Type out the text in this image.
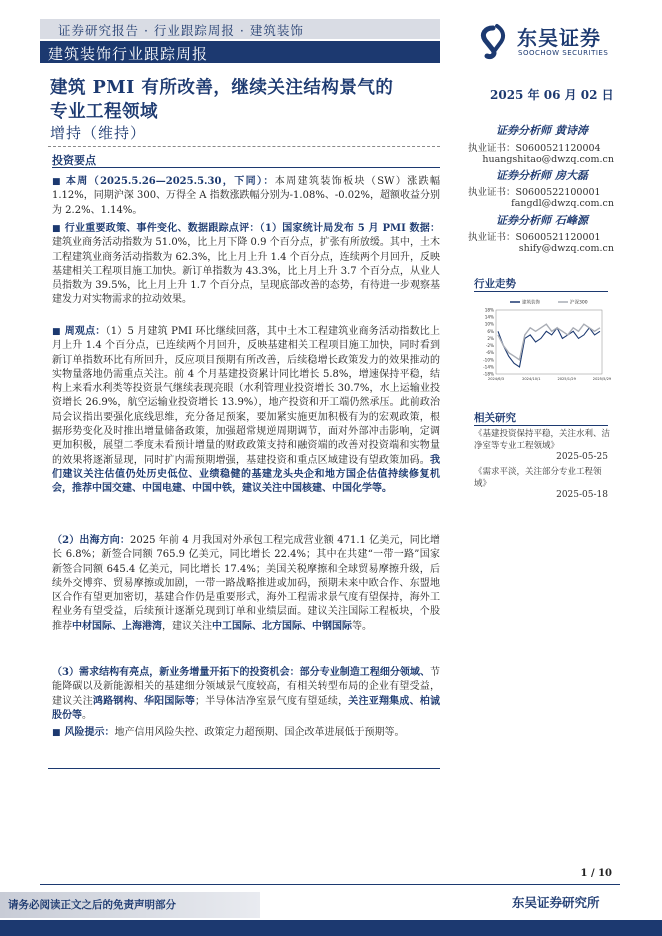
证券研究报告 · 行业跟踪周报 · 建筑装饰
建筑装饰行业跟踪周报
东吴证券
SOOCHOW SECURITIES
建筑 PMI 有所改善，继续关注结构景气的
专业工程领域
增持（维持）
2025 年 06 月 02 日
证券分析师 黄诗涛
执业证书：S0600521120004
huangshitao@dwzq.com.cn
证券分析师 房大磊
执业证书：S0600522100001
fangdl@dwzq.com.cn
证券分析师 石峰源
执业证书：S0600521120001
shify@dwzq.com.cn
投资要点

■ 本周（2025.5.26—2025.5.30，下同）：本周建筑装饰板块（SW）涨跌幅 1.12%，同期沪深 300、万得全 A 指数涨跌幅分别为-1.08%、-0.02%，超额收益分别为 2.2%、1.14%。

■ 行业重要政策、事件变化、数据跟踪点评：（1）国家统计局发布 5 月 PMI 数据：建筑业商务活动指数为 51.0%，比上月下降 0.9 个百分点，扩张有所放缓。其中，土木工程建筑业商务活动指数为 62.3%，比上月上升 1.4 个百分点，连续两个月回升，反映基建相关工程项目施工加快。新订单指数为 43.3%，比上月上升 3.7 个百分点，从业人员指数为 39.5%，比上月上升 1.7 个百分点，呈现底部改善的态势，有待进一步观察基建发力对实物需求的拉动效果。

■ 周观点：（1）5 月建筑 PMI 环比继续回落，其中土木工程建筑业商务活动指数比上月上升 1.4 个百分点，已连续两个月回升，反映基建相关工程项目施工加快，同时看到新订单指数环比有所回升，反应项目预期有所改善，后续稳增长政策发力的效果推动的实物量落地仍需重点关注。前 4 个月基建投资累计同比增长 5.8%，增速保持平稳，结构上来看水利类等投资景气继续表现亮眼（水利管理业投资增长 30.7%，水上运输业投资增长 26.9%，航空运输业投资增长 13.9%），地产投资和开工端仍然承压。此前政治局会议指出要强化底线思维，充分备足预案，要加紧实施更加积极有为的宏观政策，根据形势变化及时推出增量储备政策，加强超常规逆周期调节，面对外部冲击影响，定调更加积极，展望二季度未看预计增量的财政政策支持和融资端的改善对投资端和实物量的效果将逐渐显现，同时扩内需预期增强，基建投资和重点区域建设有望政策加码。我们建议关注估值仍处历史低位、业绩稳健的基建龙头央企和地方国企估值持续修复机会，推荐中国交建、中国电建、中国中铁，建议关注中国核建、中国化学等。

（2）出海方向：2025 年前 4 月我国对外承包工程完成营业额 471.1 亿美元，同比增长 6.8%；新签合同额 765.9 亿美元，同比增长 22.4%；其中在共建“一带一路”国家新签合同额 645.4 亿美元，同比增长 17.4%；美国关税摩擦和全球贸易摩擦升级，后续外交博弈、贸易摩擦或加剧，一带一路战略推进或加码，预期未来中欧合作、东盟地区合作有望更加密切，基建合作仍是重要形式，海外工程需求景气度有望保持，海外工程业务有望受益，后续预计逐渐兑现到订单和业绩层面。建议关注国际工程板块，个股推荐中材国际、上海港湾，建议关注中工国际、北方国际、中钢国际等。

（3）需求结构有亮点，新业务增量开拓下的投资机会：部分专业制造工程细分领域、节能降碳以及新能源相关的基建细分领域景气度较高，有相关转型布局的企业有望受益，建议关注鸿路钢构、华阳国际等；半导体洁净室景气度有望延续，关注亚翔集成、柏诚股份等。

■ 风险提示：地产信用风险失控、政策定力超预期、国企改革进展低于预期等。

行业走势
18%
14%
10%
6%
2%
-2%
-6%
-10%
-14%
-18%
2024/6/3	2024/10/1	2025/1/29	2025/5/29
建筑装饰	沪深300
相关研究
《基建投资保持平稳，关注水利、洁净室等专业工程领域》
2025-05-25
《需求平淡，关注部分专业工程领域》
2025-05-18
1 / 10
请务必阅读正文之后的免责声明部分	东吴证券研究所
